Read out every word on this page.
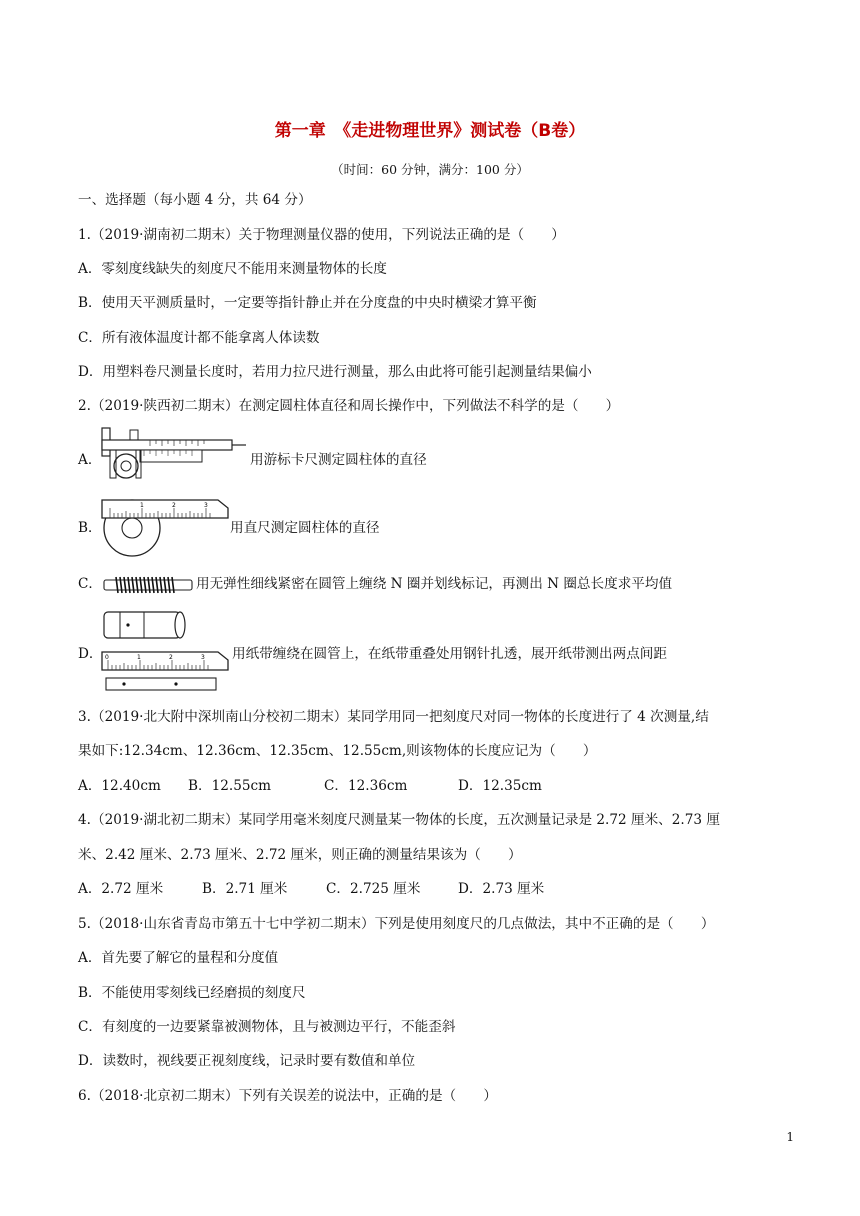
第一章　《走进物理世界》测试卷（B卷）
（时间：60 分钟，满分：100 分）
一、选择题（每小题 4 分，共 64 分）
1.（2019·湖南初二期末）关于物理测量仪器的使用，下列说法正确的是（　　）
A．零刻度线缺失的刻度尺不能用来测量物体的长度
B．使用天平测质量时，一定要等指针静止并在分度盘的中央时横梁才算平衡
C．所有液体温度计都不能拿离人体读数
D．用塑料卷尺测量长度时，若用力拉尺进行测量，那么由此将可能引起测量结果偏小
2.（2019·陕西初二期末）在测定圆柱体直径和周长操作中，下列做法不科学的是（　　）
A．	用游标卡尺测定圆柱体的直径
B．
1	2	3
用直尺测定圆柱体的直径
C．	用无弹性细线紧密在圆管上缠绕 N 圈并划线标记，再测出 N 圈总长度求平均值
D． 0	1	2	3 用纸带缠绕在圆管上，在纸带重叠处用钢针扎透，展开纸带测出两点间距
3.（2019·北大附中深圳南山分校初二期末）某同学用同一把刻度尺对同一物体的长度进行了 4 次测量,结
果如下:12.34cm、12.36cm、12.35cm、12.55cm,则该物体的长度应记为（　　）
A．12.40cm B．12.55cm	C．12.36cm	D．12.35cm
4.（2019·湖北初二期末）某同学用毫米刻度尺测量某一物体的长度，五次测量记录是 2.72 厘米、2.73 厘
米、2.42 厘米、2.73 厘米、2.72 厘米，则正确的测量结果该为（　　）
A．2.72 厘米	B．2.71 厘米	C．2.725 厘米	D．2.73 厘米
5.（2018·山东省青岛市第五十七中学初二期末）下列是使用刻度尺的几点做法，其中不正确的是（　　）
A．首先要了解它的量程和分度值
B．不能使用零刻线已经磨损的刻度尺
C．有刻度的一边要紧靠被测物体，且与被测边平行，不能歪斜
D．读数时，视线要正视刻度线，记录时要有数值和单位
6.（2018·北京初二期末）下列有关误差的说法中，正确的是（　　）
1
